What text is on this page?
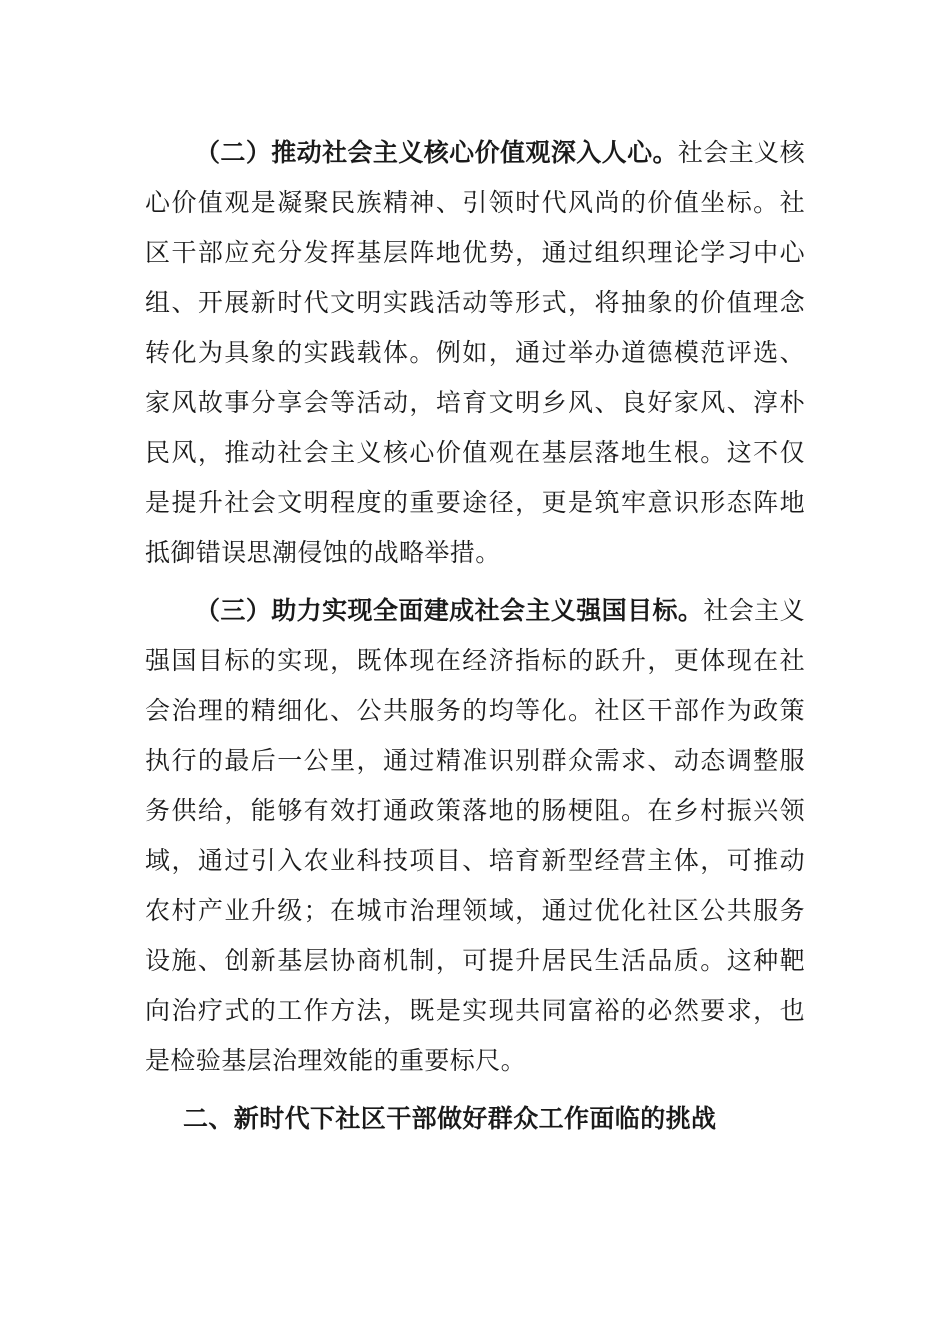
（二）推动社会主义核心价值观深入人心。社会主义核心价值观是凝聚民族精神、引领时代风尚的价值坐标。社区干部应充分发挥基层阵地优势，通过组织理论学习中心组、开展新时代文明实践活动等形式，将抽象的价值理念转化为具象的实践载体。例如，通过举办道德模范评选、家风故事分享会等活动，培育文明乡风、良好家风、淳朴民风，推动社会主义核心价值观在基层落地生根。这不仅是提升社会文明程度的重要途径，更是筑牢意识形态阵地抵御错误思潮侵蚀的战略举措。

（三）助力实现全面建成社会主义强国目标。社会主义强国目标的实现，既体现在经济指标的跃升，更体现在社会治理的精细化、公共服务的均等化。社区干部作为政策执行的最后一公里，通过精准识别群众需求、动态调整服务供给，能够有效打通政策落地的肠梗阻。在乡村振兴领域，通过引入农业科技项目、培育新型经营主体，可推动农村产业升级；在城市治理领域，通过优化社区公共服务设施、创新基层协商机制，可提升居民生活品质。这种靶向治疗式的工作方法，既是实现共同富裕的必然要求，也是检验基层治理效能的重要标尺。

二、新时代下社区干部做好群众工作面临的挑战
